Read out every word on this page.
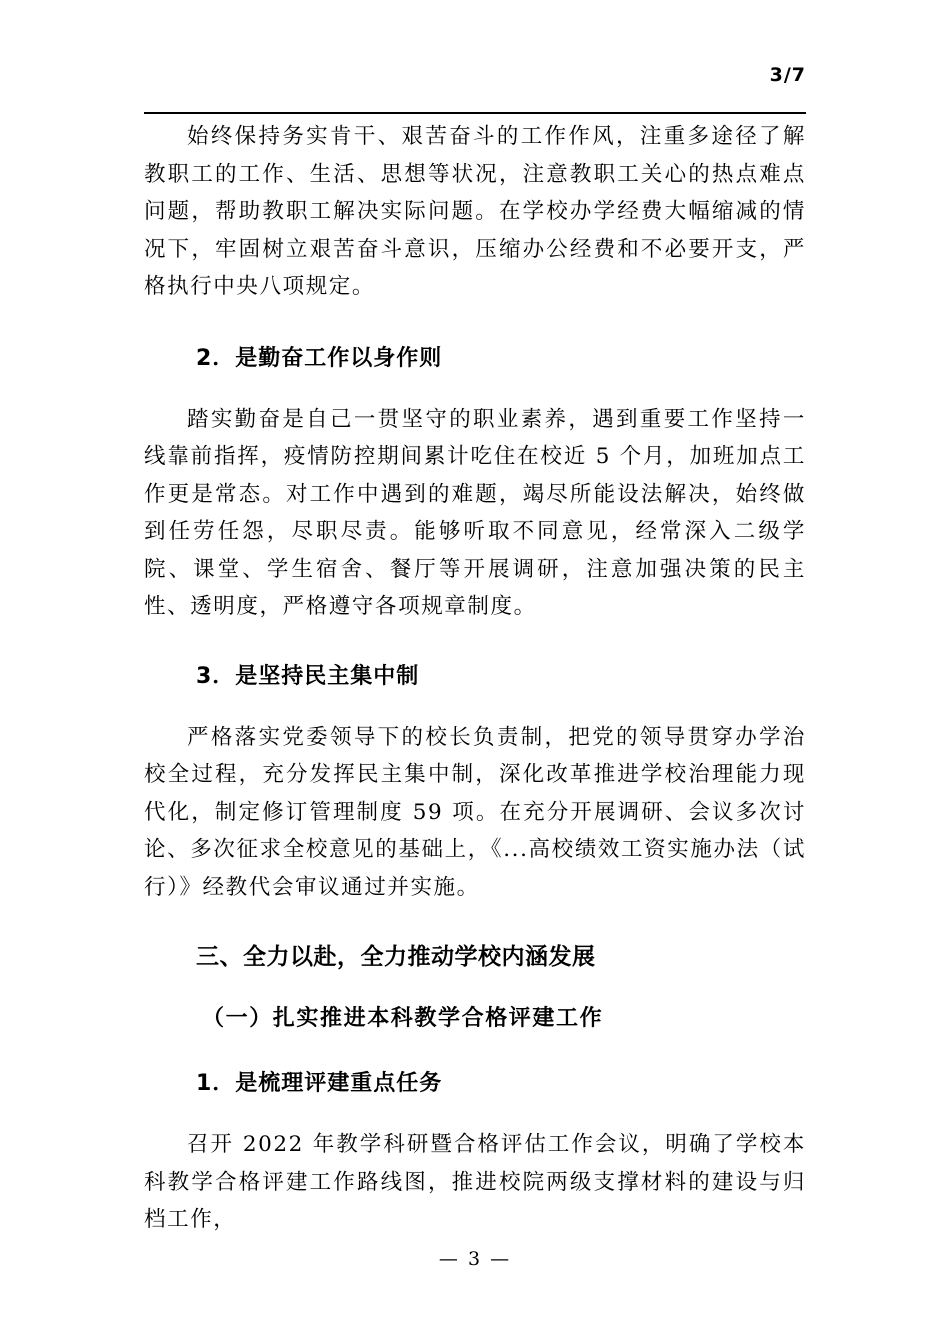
3/7

始终保持务实肯干、艰苦奋斗的工作作风，注重多途径了解教职工的工作、生活、思想等状况，注意教职工关心的热点难点问题，帮助教职工解决实际问题。在学校办学经费大幅缩减的情况下，牢固树立艰苦奋斗意识，压缩办公经费和不必要开支，严格执行中央八项规定。

2．是勤奋工作以身作则

踏实勤奋是自己一贯坚守的职业素养，遇到重要工作坚持一线靠前指挥，疫情防控期间累计吃住在校近 5 个月，加班加点工作更是常态。对工作中遇到的难题，竭尽所能设法解决，始终做到任劳任怨，尽职尽责。能够听取不同意见，经常深入二级学院、课堂、学生宿舍、餐厅等开展调研，注意加强决策的民主性、透明度，严格遵守各项规章制度。

3．是坚持民主集中制

严格落实党委领导下的校长负责制，把党的领导贯穿办学治校全过程，充分发挥民主集中制，深化改革推进学校治理能力现代化，制定修订管理制度 59 项。在充分开展调研、会议多次讨论、多次征求全校意见的基础上，《...高校绩效工资实施办法（试行）》经教代会审议通过并实施。

三、全力以赴，全力推动学校内涵发展
（一）扎实推进本科教学合格评建工作
1．是梳理评建重点任务

召开 2022 年教学科研暨合格评估工作会议，明确了学校本科教学合格评建工作路线图，推进校院两级支撑材料的建设与归档工作，

— 3 —
